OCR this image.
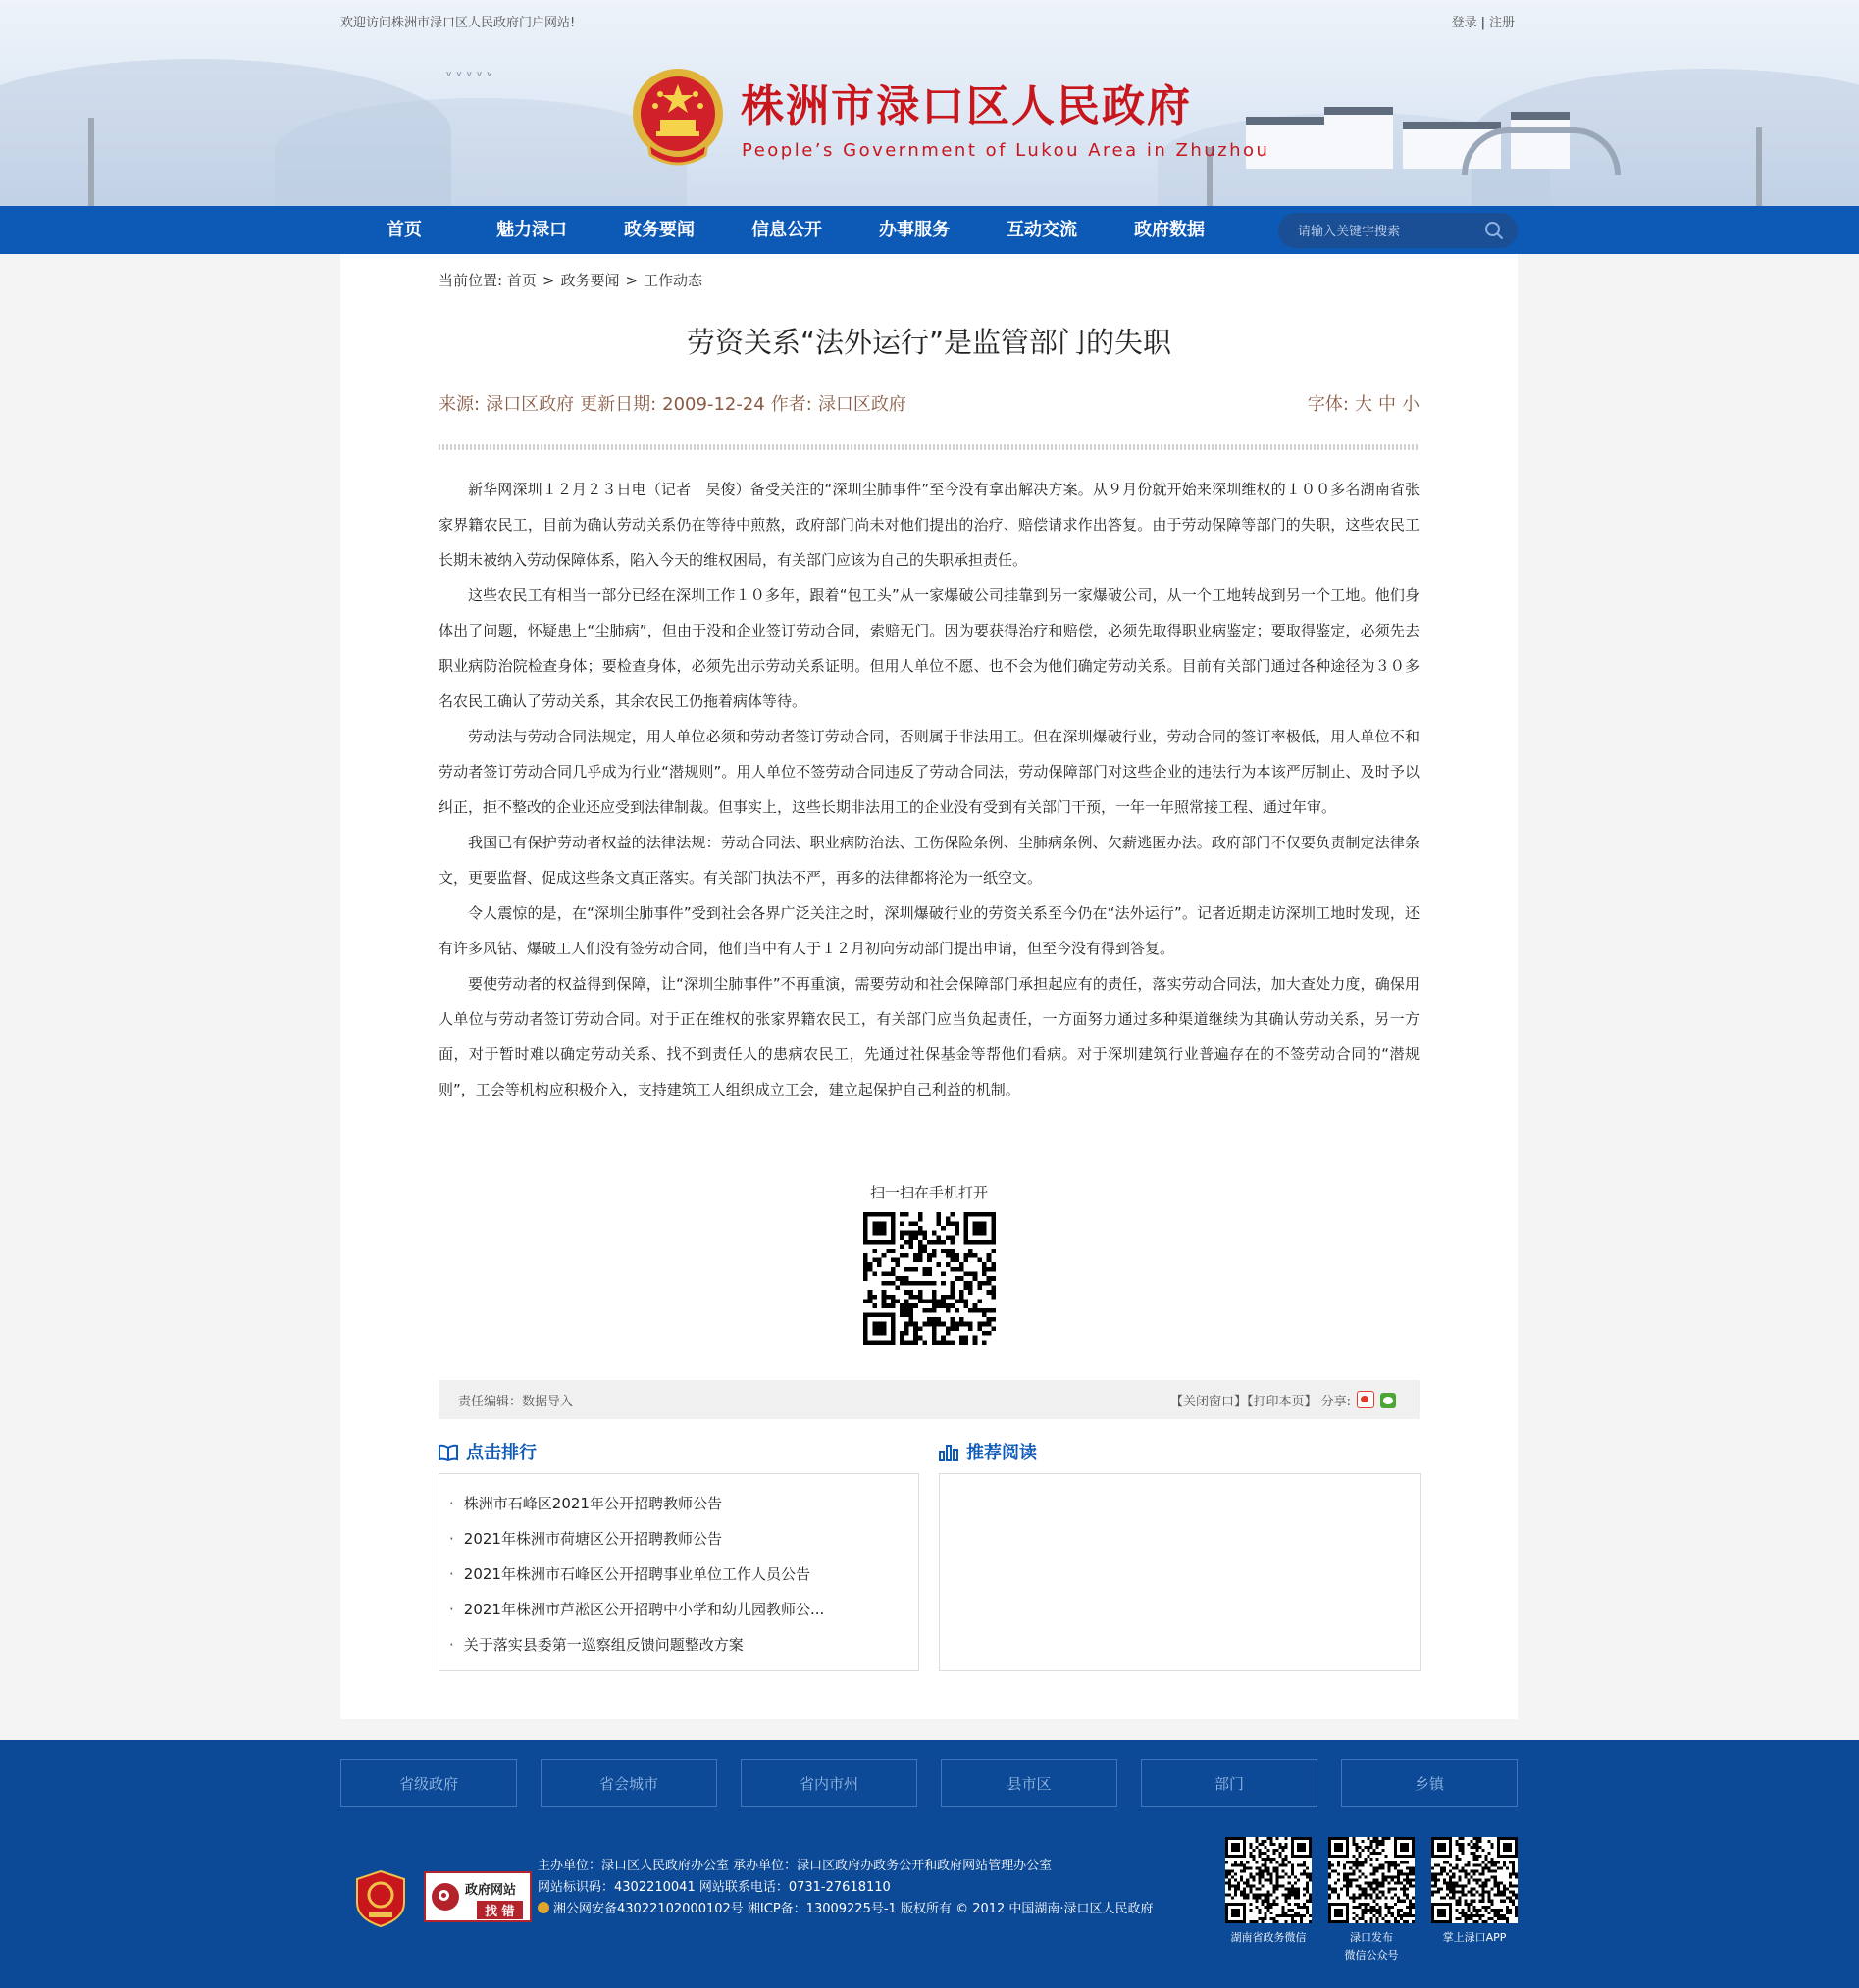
ᵛ ᵛ ᵛ ᵛ ᵛ
欢迎访问株洲市渌口区人民政府门户网站!	登录 | 注册
株洲市渌口区人民政府
People’s Government of Lukou Area in Zhuzhou
首页	魅力渌口	政务要闻	信息公开	办事服务	互动交流	政府数据
请输入关键字搜索
当前位置: 首页 > 政务要闻 > 工作动态
劳资关系“法外运行”是监管部门的失职
来源: 渌口区政府 更新日期: 2009-12-24 作者: 渌口区政府	字体: 大 中 小

新华网深圳１２月２３日电（记者　吴俊）备受关注的“深圳尘肺事件”至今没有拿出解决方案。从９月份就开始来深圳维权的１００多名湖南省张家界籍农民工，目前为确认劳动关系仍在等待中煎熬，政府部门尚未对他们提出的治疗、赔偿请求作出答复。由于劳动保障等部门的失职，这些农民工长期未被纳入劳动保障体系，陷入今天的维权困局，有关部门应该为自己的失职承担责任。

这些农民工有相当一部分已经在深圳工作１０多年，跟着“包工头”从一家爆破公司挂靠到另一家爆破公司，从一个工地转战到另一个工地。他们身体出了问题，怀疑患上“尘肺病”，但由于没和企业签订劳动合同，索赔无门。因为要获得治疗和赔偿，必须先取得职业病鉴定；要取得鉴定，必须先去职业病防治院检查身体；要检查身体，必须先出示劳动关系证明。但用人单位不愿、也不会为他们确定劳动关系。目前有关部门通过各种途径为３０多名农民工确认了劳动关系，其余农民工仍拖着病体等待。

劳动法与劳动合同法规定，用人单位必须和劳动者签订劳动合同，否则属于非法用工。但在深圳爆破行业，劳动合同的签订率极低，用人单位不和劳动者签订劳动合同几乎成为行业“潜规则”。用人单位不签劳动合同违反了劳动合同法，劳动保障部门对这些企业的违法行为本该严厉制止、及时予以纠正，拒不整改的企业还应受到法律制裁。但事实上，这些长期非法用工的企业没有受到有关部门干预，一年一年照常接工程、通过年审。

我国已有保护劳动者权益的法律法规：劳动合同法、职业病防治法、工伤保险条例、尘肺病条例、欠薪逃匿办法。政府部门不仅要负责制定法律条文，更要监督、促成这些条文真正落实。有关部门执法不严，再多的法律都将沦为一纸空文。

令人震惊的是，在“深圳尘肺事件”受到社会各界广泛关注之时，深圳爆破行业的劳资关系至今仍在“法外运行”。记者近期走访深圳工地时发现，还有许多风钻、爆破工人们没有签劳动合同，他们当中有人于１２月初向劳动部门提出申请，但至今没有得到答复。

要使劳动者的权益得到保障，让“深圳尘肺事件”不再重演，需要劳动和社会保障部门承担起应有的责任，落实劳动合同法，加大查处力度，确保用人单位与劳动者签订劳动合同。对于正在维权的张家界籍农民工，有关部门应当负起责任，一方面努力通过多种渠道继续为其确认劳动关系，另一方面，对于暂时难以确定劳动关系、找不到责任人的患病农民工，先通过社保基金等帮他们看病。对于深圳建筑行业普遍存在的不签劳动合同的“潜规则”，工会等机构应积极介入，支持建筑工人组织成立工会，建立起保护自己利益的机制。

扫一扫在手机打开
责任编辑：数据导入	【关闭窗口】【打印本页】 分享:
点击排行	推荐阅读
· 株洲市石峰区2021年公开招聘教师公告
· 2021年株洲市荷塘区公开招聘教师公告
· 2021年株洲市石峰区公开招聘事业单位工作人员公告
· 2021年株洲市芦淞区公开招聘中小学和幼儿园教师公...
· 关于落实县委第一巡察组反馈问题整改方案
省级政府	省会城市	省内市州	县市区	部门	乡镇
政府网站
找 错
主办单位：渌口区人民政府办公室 承办单位：渌口区政府办政务公开和政府网站管理办公室
网站标识码：4302210041 网站联系电话：0731-27618110
湘公网安备43022102000102号 湘ICP备：13009225号-1 版权所有 © 2012 中国湖南·渌口区人民政府
湖南省政务微信	渌口发布
微信公众号
掌上渌口APP
